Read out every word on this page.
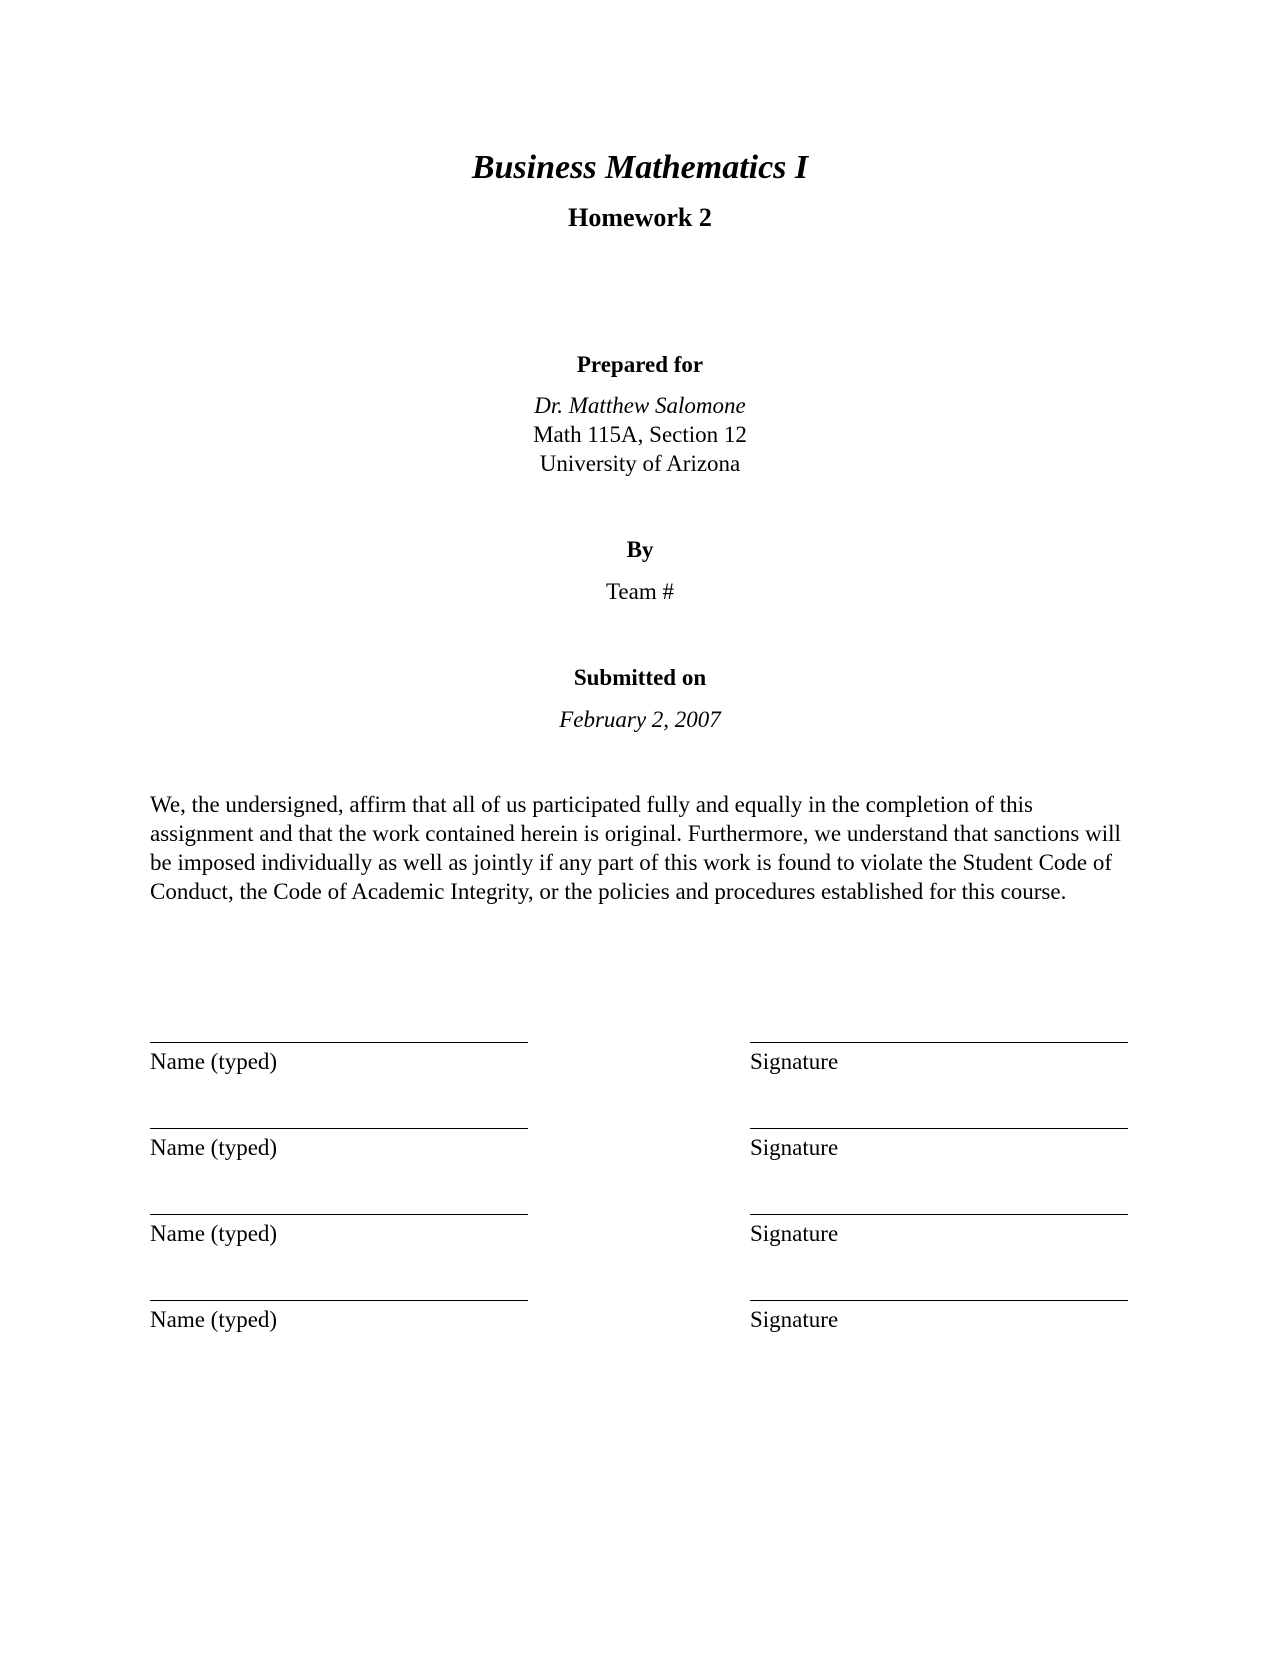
Business Mathematics I
Homework 2
Prepared for
Dr. Matthew Salomone
Math 115A, Section 12
University of Arizona
By
Team #
Submitted on
February 2, 2007
We, the undersigned, affirm that all of us participated fully and equally in the completion of this assignment and that the work contained herein is original. Furthermore, we understand that sanctions will be imposed individually as well as jointly if any part of this work is found to violate the Student Code of Conduct, the Code of Academic Integrity, or the policies and procedures established for this course.
Name (typed)	Signature
Name (typed)	Signature
Name (typed)	Signature
Name (typed)	Signature
